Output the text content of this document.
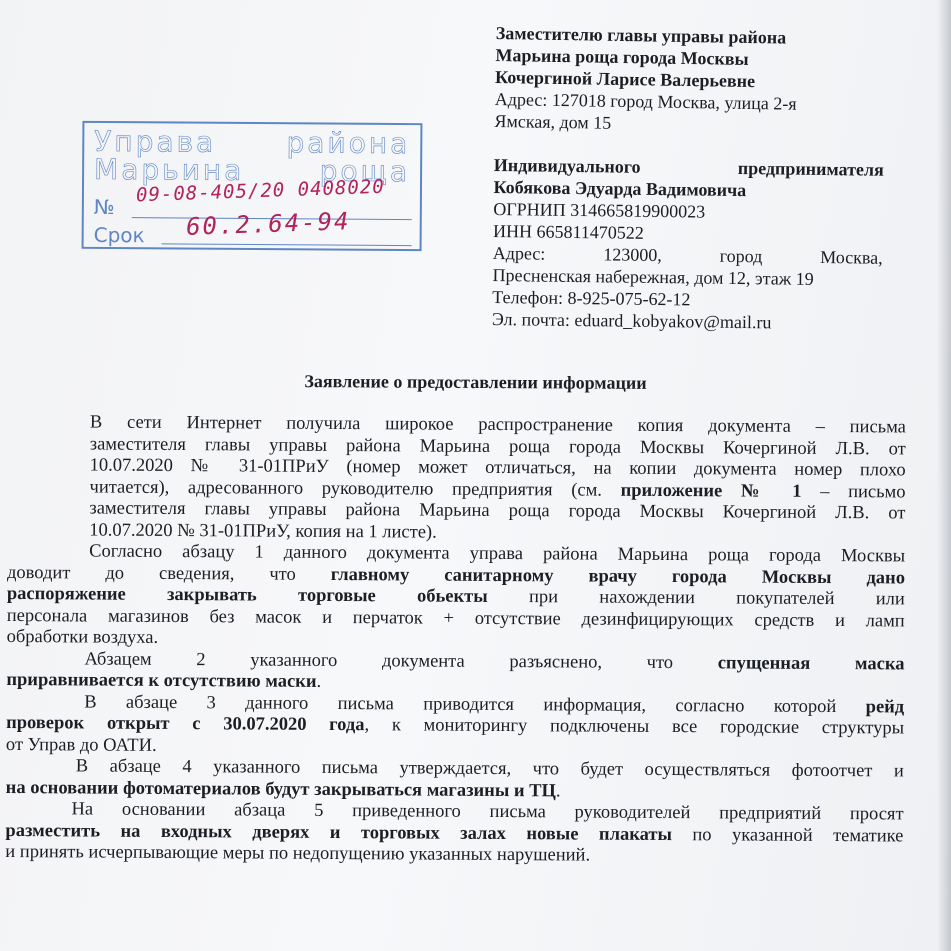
Заместителю главы управы района
Марьина роща города Москвы
Кочергиной Ларисе Валерьевне
Адрес: 127018 город Москва, улица 2-я
Ямская, дом 15
Индивидуального	предпринимателя
Кобякова Эдуарда Вадимовича
ОГРНИП 314665819900023
ИНН 665811470522
Адрес:	123000,	город	Москва,
Пресненская набережная, дом 12, этаж 19
Телефон: 8-925-075-62-12
Эл. почта: eduard_kobyakov@mail.ru
Управа	района
Марьина	роща
№
Срок
09-08-405/20 0408020
60.2.64-94
Заявление о предоставлении информации

В сети Интернет получила широкое распространение копия документа – письма
заместителя главы управы района Марьина роща города Москвы Кочергиной Л.В. от
10.07.2020 № 31-01ПРиУ (номер может отличаться, на копии документа номер плохо
читается), адресованного руководителю предприятия (см. приложение № 1 – письмо
заместителя главы управы района Марьина роща города Москвы Кочергиной Л.В. от
10.07.2020 № 31-01ПРиУ, копия на 1 листе).

Согласно абзацу 1 данного документа управа района Марьина роща города Москвы
доводит до сведения, что главному санитарному врачу города Москвы дано
распоряжение закрывать торговые обьекты при нахождении покупателей или
персонала магазинов без масок и перчаток + отсутствие дезинфицирующих средств и ламп
обработки воздуха.

Абзацем 2 указанного документа разъяснено, что спущенная маска
приравнивается к отсутствию маски.

В абзаце 3 данного письма приводится информация, согласно которой рейд
проверок открыт с 30.07.2020 года, к мониторингу подключены все городские структуры
от Управ до ОАТИ.

В абзаце 4 указанного письма утверждается, что будет осуществляться фотоотчет и
на основании фотоматериалов будут закрываться магазины и ТЦ.

На основании абзаца 5 приведенного письма руководителей предприятий просят
разместить на входных дверях и торговых залах новые плакаты по указанной тематике
и принять исчерпывающие меры по недопущению указанных нарушений.
